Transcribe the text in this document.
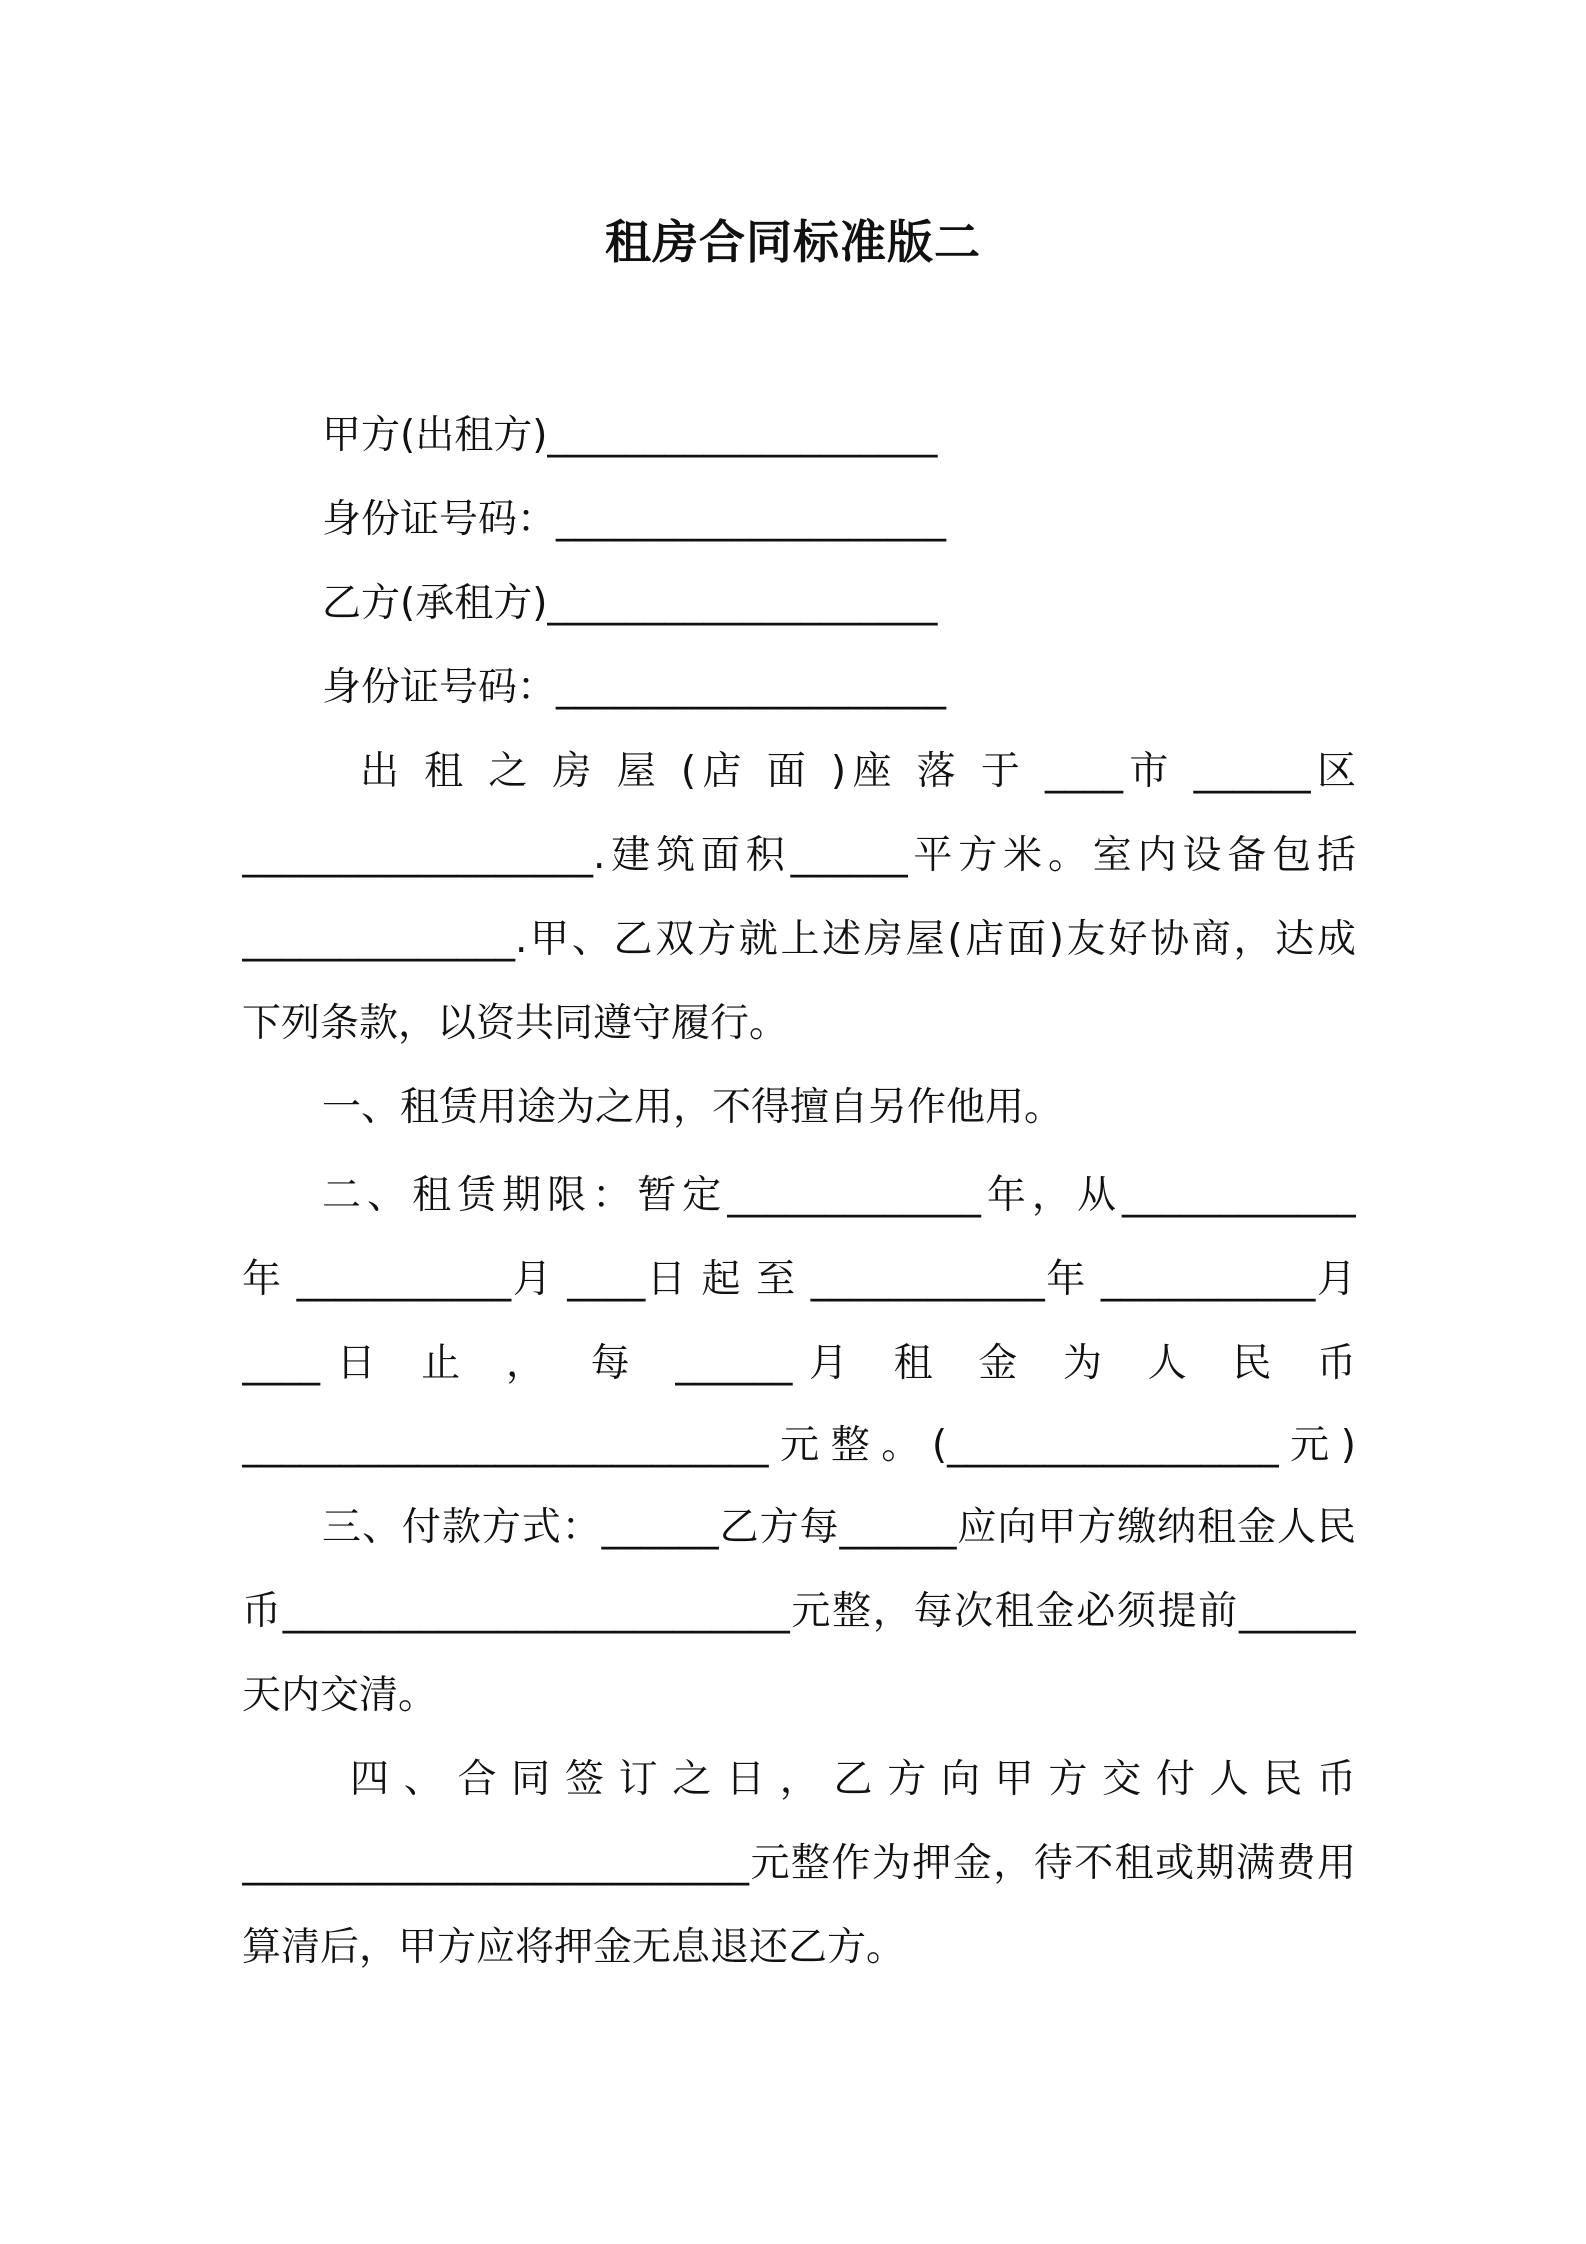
租房合同标准版二
甲方(出租方)____________________
身份证号码：____________________
乙方(承租方)____________________
身份证号码：____________________
出 租 之 房 屋 (店 面 )座 落 于 ____市 ______区
__________________.建筑面积______平方米。室内设备包括
______________.甲、乙双方就上述房屋(店面)友好协商，达成
下列条款，以资共同遵守履行。
一、租赁用途为之用，不得擅自另作他用。
二、租赁期限：暂定_____________年，从____________
年 ___________月 ____日 起 至 ____________年 ___________月
____日 止 ， 每 ______月 租 金 为 人 民 币
___________________________元整。(_________________元)
三、付款方式：______乙方每______应向甲方缴纳租金人民
币__________________________元整，每次租金必须提前______
天内交清。
四 、 合 同 签 订 之 日 ， 乙 方 向 甲 方 交 付 人 民 币
__________________________元整作为押金，待不租或期满费用
算清后，甲方应将押金无息退还乙方。
